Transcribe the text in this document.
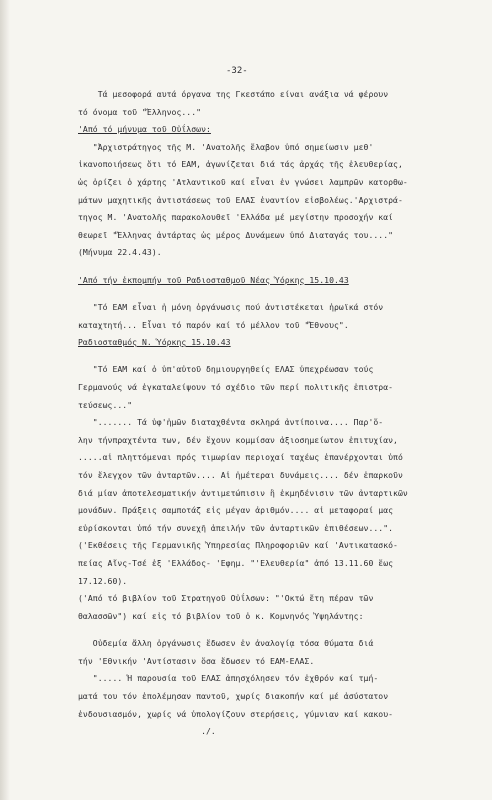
-32-
Τά μεσοφορά αυτά όργανα της Γκεστάπο είναι ανάξια νά φέρουν
τό όνομα τοῦ "Ἕλληνος..."
'Από τό μήνυμα τοῦ Οὐΐλσων:
"Ἀρχιστράτηγος τῆς Μ. 'Ανατολῆς ἔλαβον ὑπό σημείωσιν μεθ'
ἱκανοποιήσεως ὅτι τό ΕΑΜ, ἀγωνίζεται διά τάς ἀρχάς τῆς ἐλευθερίας,
ὡς ὁρίζει ὁ χάρτης 'Ατλαντικοῦ καί εἶναι ἐν γνώσει λαμπρῶν κατορθω-
μάτων μαχητικῆς ἀντιστάσεως τοῦ ΕΛΑΣ ἐναντίον εἰσβολέως.'Αρχιστρά-
τηγος Μ. 'Ανατολῆς παρακολουθεῖ 'Ελλάδα μέ μεγίστην προσοχήν καί
θεωρεῖ "Ἕλληνας ἀντάρτας ὡς μέρος Δυνάμεων ὑπό Διαταγάς του...."
(Μήνυμα 22.4.43).
'Από τήν ἐκπομπήν τοῦ Ραδιοσταθμοῦ Νέας Ὑόρκης 15.10.43
"Τό ΕΑΜ εἶναι ἡ μόνη ὀργάνωσις πού ἀντιστέκεται ἡρωϊκά στόν
καταχτητή... Εἶναι τό παρόν καί τό μέλλον τοῦ "Ἔθνους".
Ραδιοσταθμός Ν. Ὑόρκης 15.10.43
"Τό ΕΑΜ καί ὁ ὑπ'αὐτοῦ δημιουργηθείς ΕΛΑΣ ὑπεχρέωσαν τούς
Γερμανούς νά ἐγκαταλείψουν τό σχέδιο τῶν περί πολιτικῆς ἐπιστρα-
τεύσεως..."
"....... Τά ὑφ'ἡμῶν διαταχθέντα σκληρά ἀντίποινα.... Παρ'ὅ-
λην τήνπραχτέντα των, δέν ἔχουν κομμίσαν ἀξιοσημείωτον ἐπιτυχίαν,
.....αἱ πληττόμεναι πρός τιμωρίαν περιοχαί ταχέως ἐπανέρχονται ὑπό
τόν ἔλεγχον τῶν ἀνταρτῶν.... Αἱ ἡμέτεραι δυνάμεις.... δέν ἐπαρκοῦν
διά μίαν ἀποτελεσματικήν ἀντιμετώπισιν ἢ ἐκμηδένισιν τῶν ἀνταρτικῶν
μονάδων. Πράξεις σαμποτάζ εἰς μέγαν ἀριθμόν.... αἱ μεταφοραί μας
εὑρίσκονται ὑπό τήν συνεχῆ ἀπειλήν τῶν ἀνταρτικῶν ἐπιθέσεων...".
('Εκθέσεις τῆς Γερμανικῆς Ὑπηρεσίας Πληροφοριῶν καί 'Αντικατασκό-
πείας Αἴνς-Τσέ ἐξ 'Ελλάδος- 'Εφημ. "'Ελευθερία" ἀπό 13.11.60 ἕως
17.12.60).
('Από τό βιβλίον τοῦ Στρατηγοῦ Οὐΐλσων: "'Οκτώ ἔτη πέραν τῶν
θαλασσῶν") καί εἰς τό βιβλίον τοῦ ὁ κ. Κομνηνός Ὑψηλάντης:
Οὐδεμία ἄλλη ὀργάνωσις ἔδωσεν ἐν ἀναλογίᾳ τόσα θύματα διά
τήν 'Εθνικήν 'Αντίστασιν ὅσα ἔδωσεν τό ΕΑΜ-ΕΛΑΣ.
"..... Ἡ παρουσία τοῦ ΕΛΑΣ ἀπησχόλησεν τόν ἐχθρόν καί τμή-
ματά του τόν ἐπολέμησαν παντοῦ, χωρίς διακοπήν καί μέ ἀσύστατον
ἐνδουσιασμόν, χωρίς νά ὑπολογίζουν στερήσεις, γύμνιαν καί κακου-
./.
